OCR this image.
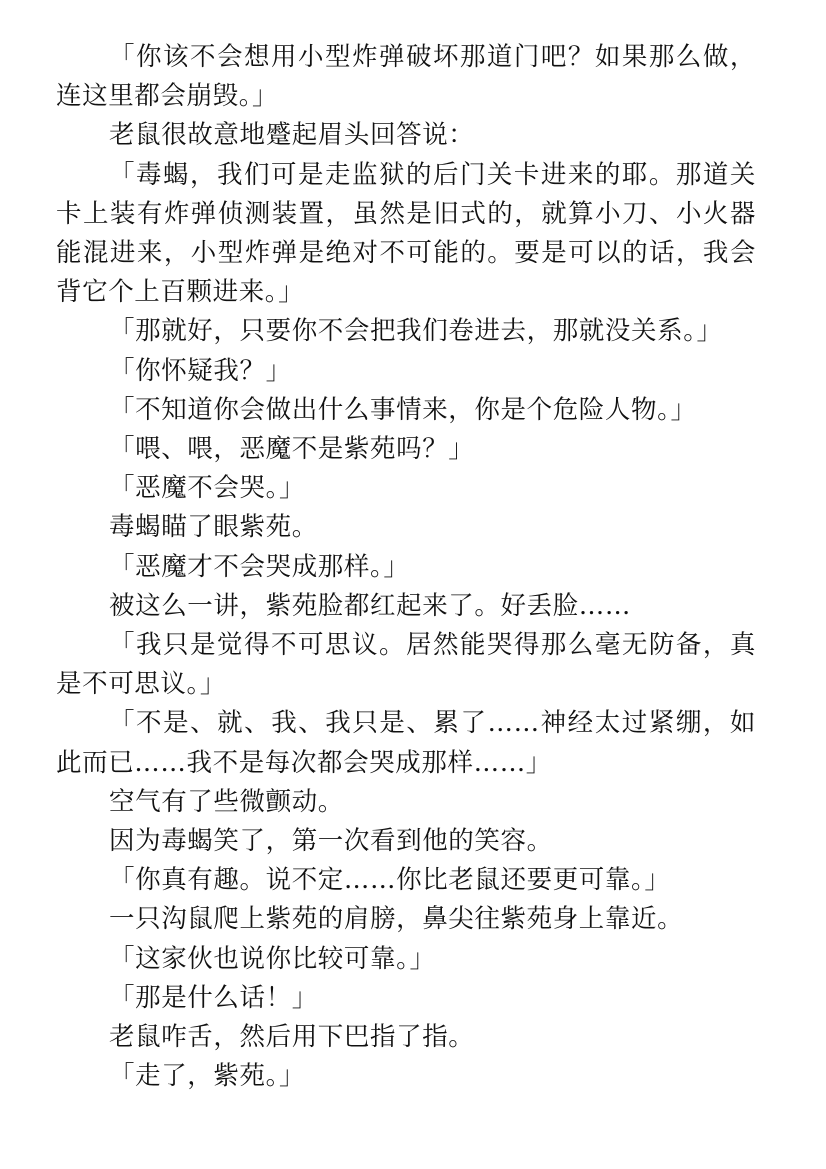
「你该不会想用小型炸弹破坏那道门吧？如果那么做，连这里都会崩毁。」

老鼠很故意地蹙起眉头回答说：

「毒蝎，我们可是走监狱的后门关卡进来的耶。那道关卡上装有炸弹侦测装置，虽然是旧式的，就算小刀、小火器能混进来，小型炸弹是绝对不可能的。要是可以的话，我会背它个上百颗进来。」

「那就好，只要你不会把我们卷进去，那就没关系。」

「你怀疑我？」

「不知道你会做出什么事情来，你是个危险人物。」

「喂、喂，恶魔不是紫苑吗？」

「恶魔不会哭。」

毒蝎瞄了眼紫苑。

「恶魔才不会哭成那样。」

被这么一讲，紫苑脸都红起来了。好丢脸……

「我只是觉得不可思议。居然能哭得那么毫无防备，真是不可思议。」

「不是、就、我、我只是、累了……神经太过紧绷，如此而已……我不是每次都会哭成那样……」

空气有了些微颤动。

因为毒蝎笑了，第一次看到他的笑容。

「你真有趣。说不定……你比老鼠还要更可靠。」

一只沟鼠爬上紫苑的肩膀，鼻尖往紫苑身上靠近。

「这家伙也说你比较可靠。」

「那是什么话！」

老鼠咋舌，然后用下巴指了指。

「走了，紫苑。」
